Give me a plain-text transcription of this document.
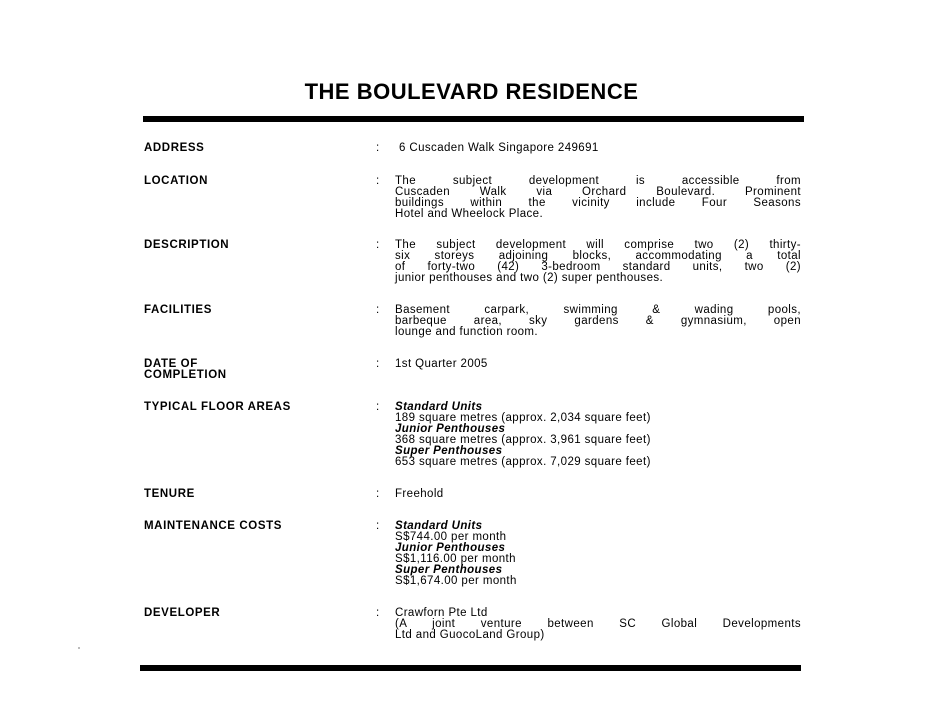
THE BOULEVARD RESIDENCE
ADDRESS	: 6 Cuscaden Walk Singapore 249691
LOCATION	: The subject development is accessible from
Cuscaden Walk via Orchard Boulevard. Prominent
buildings within the vicinity include Four Seasons
Hotel and Wheelock Place.
DESCRIPTION	: The subject development will comprise two (2) thirty-
six storeys adjoining blocks, accommodating a total
of forty-two (42) 3-bedroom standard units, two (2)
junior penthouses and two (2) super penthouses.
FACILITIES	: Basement carpark, swimming & wading pools,
barbeque area, sky gardens & gymnasium, open
lounge and function room.
DATE OF
COMPLETION
: 1st Quarter 2005
TYPICAL FLOOR AREAS	: Standard Units
189 square metres (approx. 2,034 square feet)
Junior Penthouses
368 square metres (approx. 3,961 square feet)
Super Penthouses
653 square metres (approx. 7,029 square feet)
TENURE	: Freehold
MAINTENANCE COSTS	: Standard Units
S$744.00 per month
Junior Penthouses
S$1,116.00 per month
Super Penthouses
S$1,674.00 per month
DEVELOPER	: Crawforn Pte Ltd
(A joint venture between SC Global Developments
Ltd and GuocoLand Group)
